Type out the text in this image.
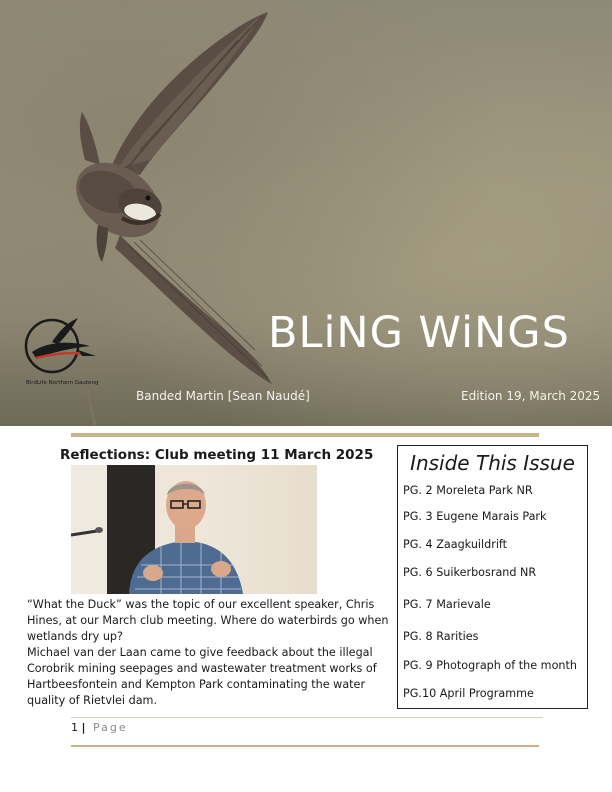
BirdLife Northern Gauteng
BLiNG WiNGS
Banded Martin [Sean Naudé]	Edition 19, March 2025
Reflections: Club meeting 11 March 2025

“What the Duck” was the topic of our excellent speaker, Chris Hines, at our March club meeting. Where do waterbirds go when wetlands dry up?

Michael van der Laan came to give feedback about the illegal Corobrik mining seepages and wastewater treatment works of Hartbeesfontein and Kempton Park contaminating the water quality of Rietvlei dam.

Inside This Issue
PG. 2 Moreleta Park NR
PG. 3 Eugene Marais Park
PG. 4 Zaagkuildrift
PG. 6 Suikerbosrand NR
PG. 7 Marievale
PG. 8 Rarities
PG. 9 Photograph of the month
PG.10 April Programme
1 | Page
